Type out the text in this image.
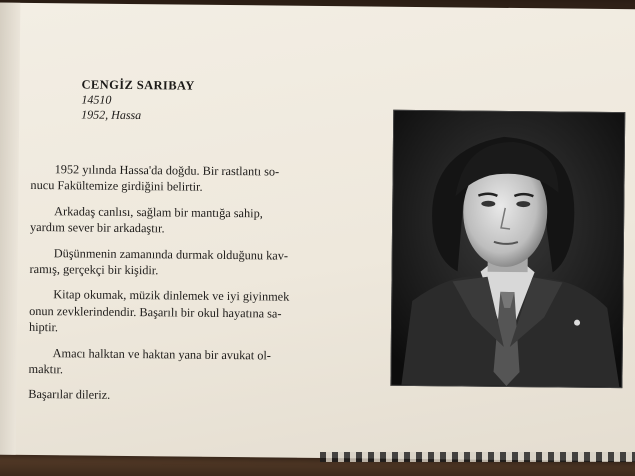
CENGİZ SARIBAY
14510
1952, Hassa

1952 yılında Hassa'da doğdu. Bir rastlantı so-
nucu Fakültemize girdiğini belirtir.

Arkadaş canlısı, sağlam bir mantığa sahip,
yardım sever bir arkadaştır.

Düşünmenin zamanında durmak olduğunu kav-
ramış, gerçekçi bir kişidir.

Kitap okumak, müzik dinlemek ve iyi giyinmek
onun zevklerindendir. Başarılı bir okul hayatına sa-
hiptir.

Amacı halktan ve haktan yana bir avukat ol-
maktır.

Başarılar dileriz.
